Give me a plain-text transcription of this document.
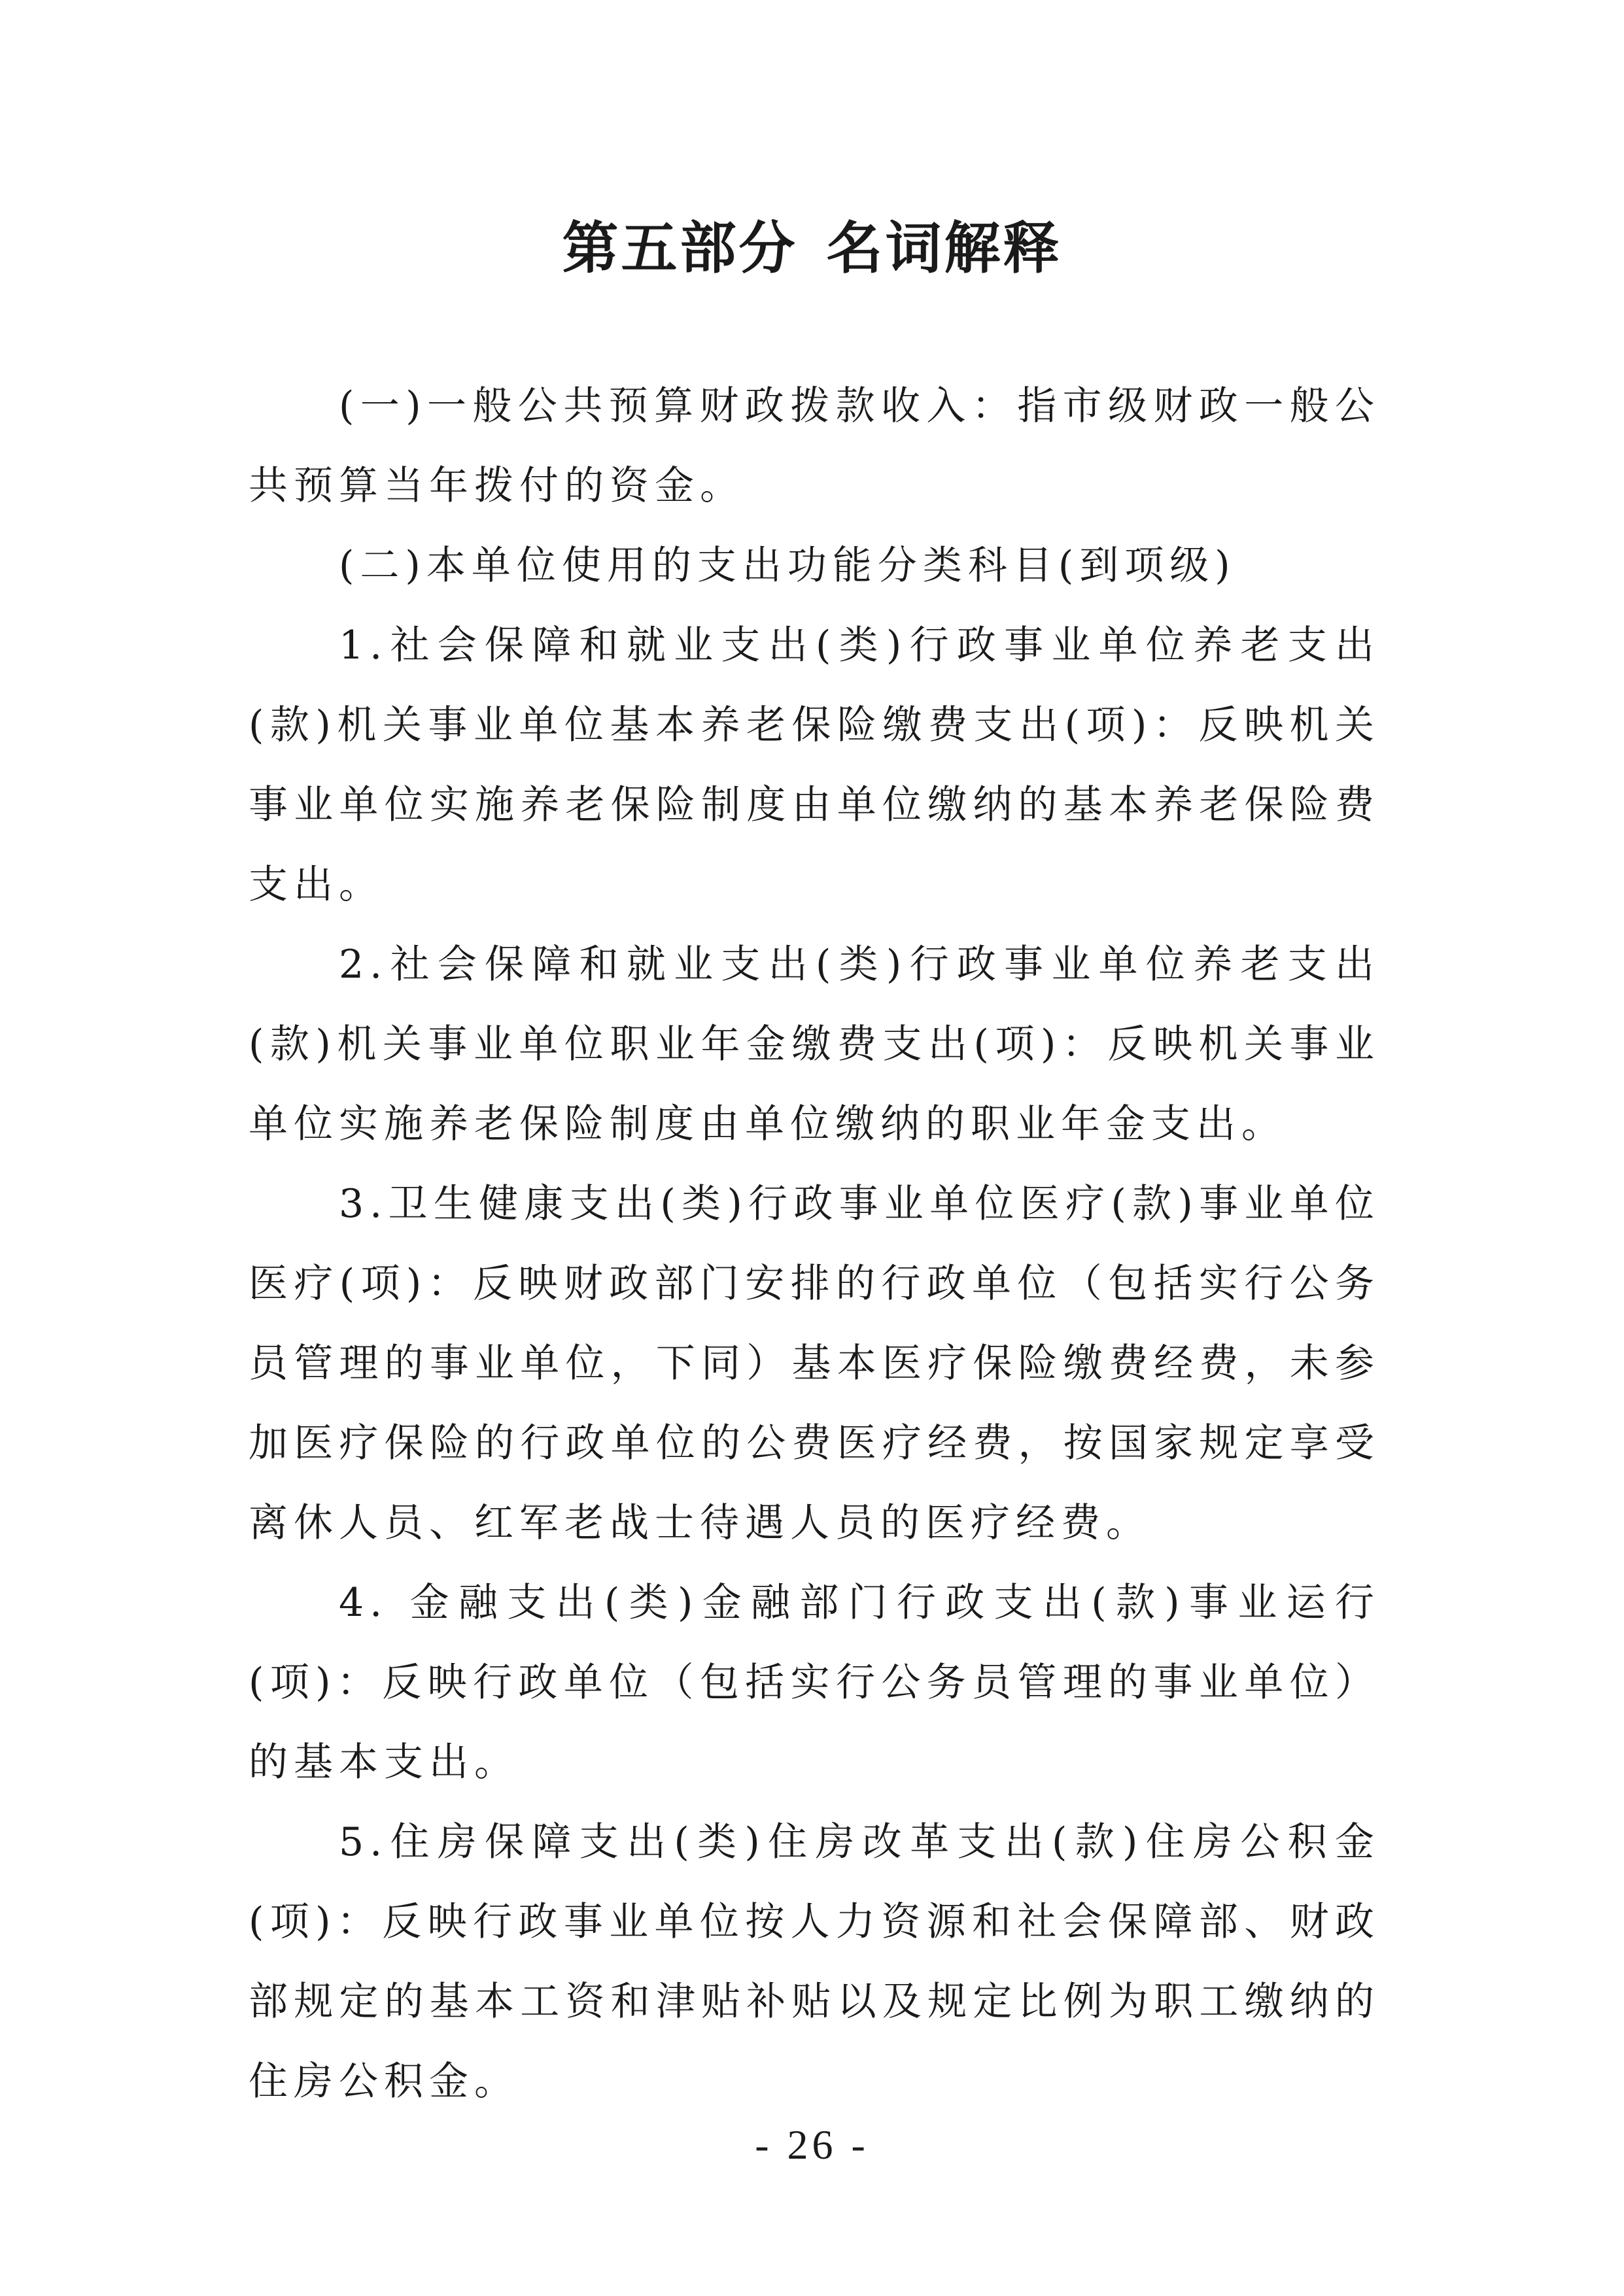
第五部分 名词解释

(一)一般公共预算财政拨款收入：指市级财政一般公共预算当年拨付的资金。

(二)本单位使用的支出功能分类科目(到项级)

1.社会保障和就业支出(类)行政事业单位养老支出(款)机关事业单位基本养老保险缴费支出(项)：反映机关事业单位实施养老保险制度由单位缴纳的基本养老保险费支出。

2.社会保障和就业支出(类)行政事业单位养老支出(款)机关事业单位职业年金缴费支出(项)：反映机关事业单位实施养老保险制度由单位缴纳的职业年金支出。

3.卫生健康支出(类)行政事业单位医疗(款)事业单位医疗(项)：反映财政部门安排的行政单位（包括实行公务员管理的事业单位，下同）基本医疗保险缴费经费，未参加医疗保险的行政单位的公费医疗经费，按国家规定享受离休人员、红军老战士待遇人员的医疗经费。

4. 金融支出(类)金融部门行政支出(款)事业运行(项)：反映行政单位（包括实行公务员管理的事业单位）的基本支出。

5.住房保障支出(类)住房改革支出(款)住房公积金(项)：反映行政事业单位按人力资源和社会保障部、财政部规定的基本工资和津贴补贴以及规定比例为职工缴纳的住房公积金。

- 26 -
